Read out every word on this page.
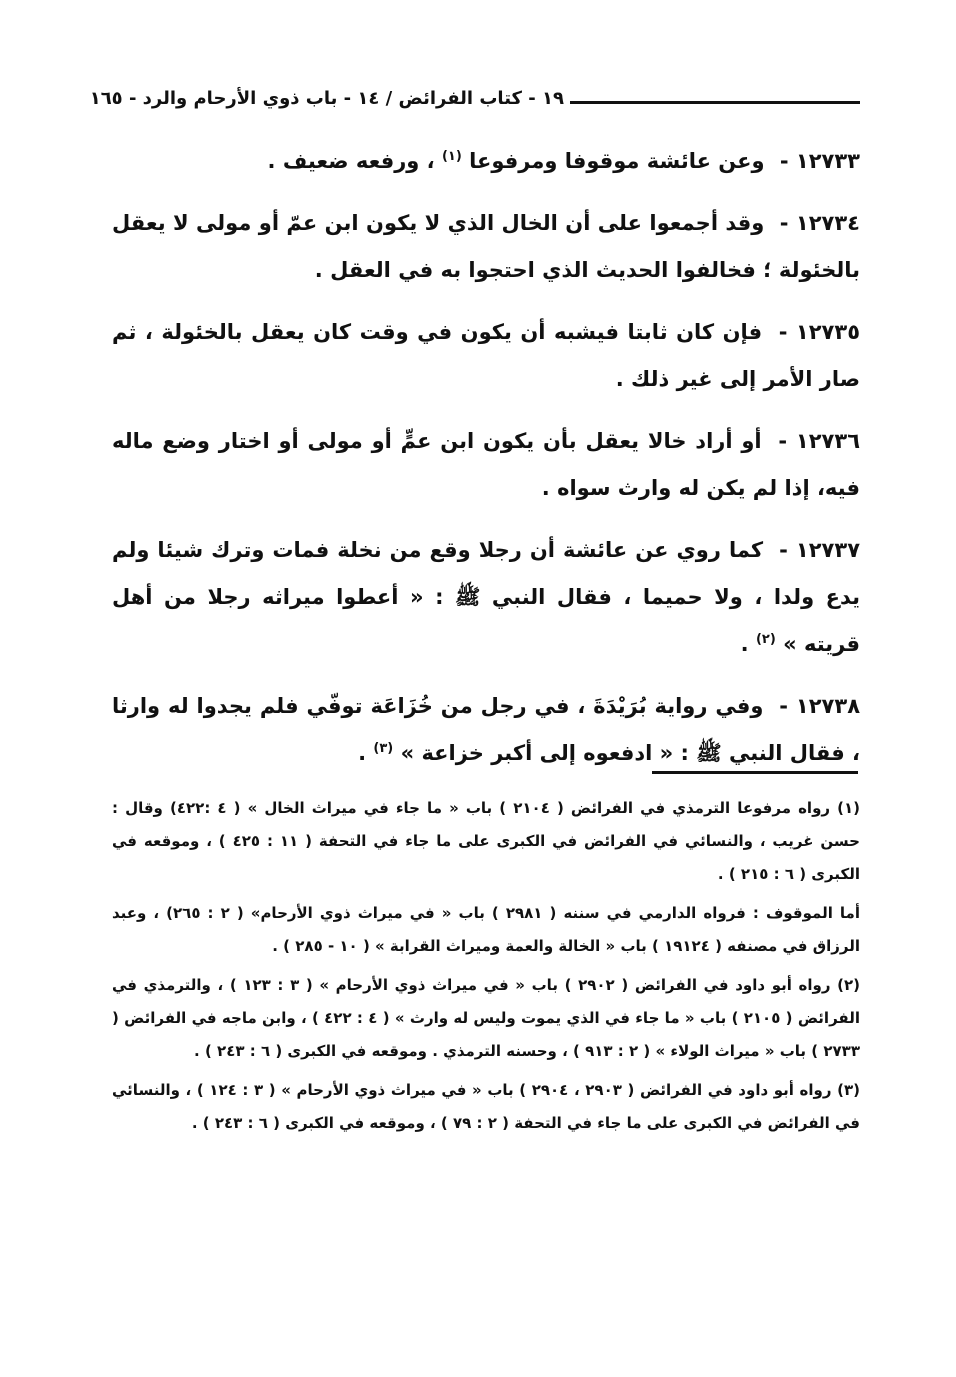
١٩ - كتاب الفرائض / ١٤ - باب ذوي الأرحام والرد - ١٦٥

١٢٧٣٣ - وعن عائشة موقوفا ومرفوعا $^{(١)}$ ، ورفعه ضعيف .

١٢٧٣٤ - وقد أجمعوا على أن الخال الذي لا يكون ابن عمّ أو مولى لا يعقل بالخئولة ؛ فخالفوا الحديث الذي احتجوا به في العقل .

١٢٧٣٥ - فإن كان ثابتا فيشبه أن يكون في وقت كان يعقل بالخئولة ، ثم صار الأمر إلى غير ذلك .

١٢٧٣٦ - أو أراد خالا يعقل بأن يكون ابن عمٍّ أو مولى أو اختار وضع ماله فيه، إذا لم يكن له وارث سواه .

١٢٧٣٧ - كما روي عن عائشة أن رجلا وقع من نخلة فمات وترك شيئا ولم يدع ولدا ، ولا حميما ، فقال النبي ﷺ : « أعطوا ميراثه رجلا من أهل قريته » $^{(٢)}$ .

١٢٧٣٨ - وفي رواية بُرَيْدَةَ ، في رجل من خُزَاعَة توفّي فلم يجدوا له وارثا ، فقال النبي ﷺ : « ادفعوه إلى أكبر خزاعة » $^{(٣)}$ .

(١) رواه مرفوعا الترمذي في الفرائض ( ٢١٠٤ ) باب « ما جاء في ميراث الخال » ( ٤ :٤٢٢) وقال : حسن غريب ، والنسائي في الفرائض في الكبرى على ما جاء في التحفة ( ١١ : ٤٢٥ ) ، وموقعه في الكبرى ( ٦ : ٢١٥ ) .

أما الموقوف : فرواه الدارمي في سننه ( ٢٩٨١ ) باب « في ميراث ذوي الأرحام» ( ٢ : ٢٦٥) ، وعبد الرزاق في مصنفه ( ١٩١٢٤ ) باب « الخالة والعمة وميراث القرابة » ( ١٠ - ٢٨٥ ) .

(٢) رواه أبو داود في الفرائض ( ٢٩٠٢ ) باب « في ميراث ذوي الأرحام » ( ٣ : ١٢٣ ) ، والترمذي في الفرائض ( ٢١٠٥ ) باب « ما جاء في الذي يموت وليس له وارث » ( ٤ : ٤٢٢ ) ، وابن ماجه في الفرائض ( ٢٧٣٣ ) باب « ميراث الولاء » ( ٢ : ٩١٣ ) ، وحسنه الترمذي . وموقعه في الكبرى ( ٦ : ٢٤٣ ) .

(٣) رواه أبو داود في الفرائض ( ٢٩٠٣ ، ٢٩٠٤ ) باب « في ميراث ذوي الأرحام » ( ٣ : ١٢٤ ) ، والنسائي في الفرائض في الكبرى على ما جاء في التحفة ( ٢ : ٧٩ ) ، وموقعه في الكبرى ( ٦ : ٢٤٣ ) .
